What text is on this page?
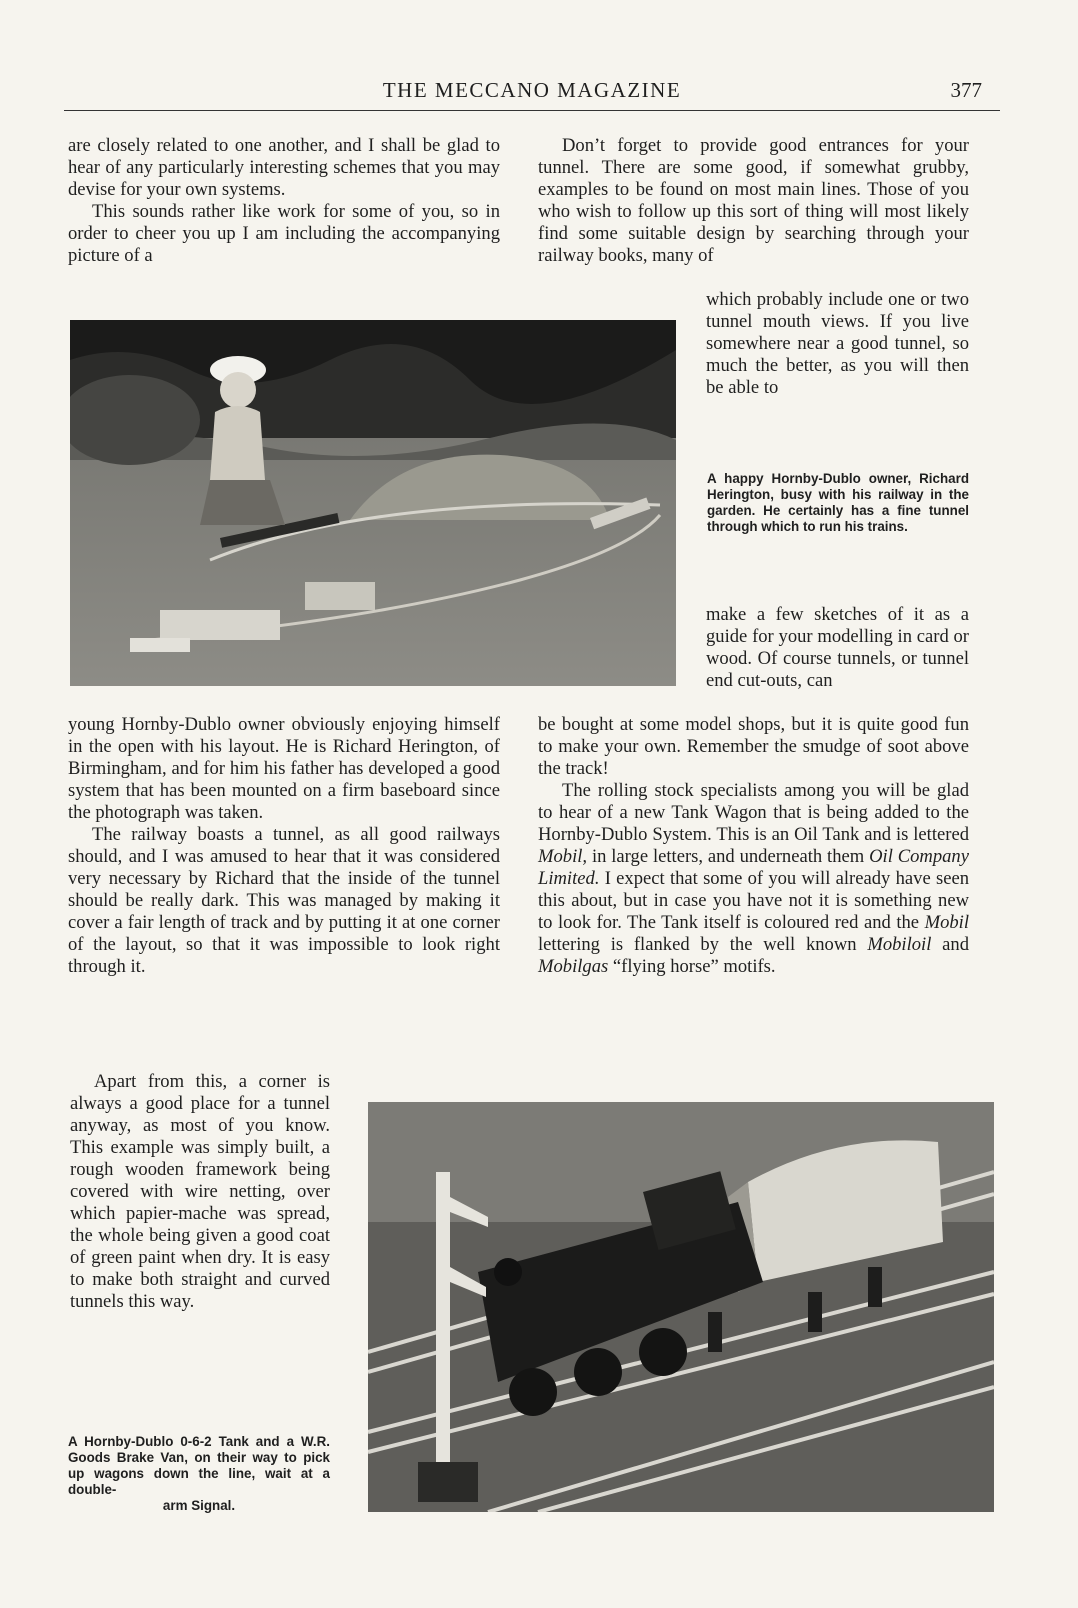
THE MECCANO MAGAZINE	377

are closely related to one another, and I shall be glad to hear of any particularly interesting schemes that you may devise for your own systems.

This sounds rather like work for some of you, so in order to cheer you up I am including the accompanying picture of a

Don’t forget to provide good entrances for your tunnel. There are some good, if somewhat grubby, examples to be found on most main lines. Those of you who wish to follow up this sort of thing will most likely find some suitable design by searching through your railway books, many of

which probably include one or two tunnel mouth views. If you live somewhere near a good tunnel, so much the better, as you will then be able to

A happy Hornby-Dublo owner, Richard Herington, busy with his railway in the garden. He certainly has a fine tunnel through which to run his trains.

make a few sketches of it as a guide for your modelling in card or wood. Of course tunnels, or tunnel end cut-outs, can

young Hornby-Dublo owner obviously enjoying himself in the open with his layout. He is Richard Herington, of Birmingham, and for him his father has developed a good system that has been mounted on a firm baseboard since the photograph was taken.

The railway boasts a tunnel, as all good railways should, and I was amused to hear that it was considered very necessary by Richard that the inside of the tunnel should be really dark. This was managed by making it cover a fair length of track and by putting it at one corner of the layout, so that it was impossible to look right through it.

be bought at some model shops, but it is quite good fun to make your own. Remember the smudge of soot above the track!

The rolling stock specialists among you will be glad to hear of a new Tank Wagon that is being added to the Hornby-Dublo System. This is an Oil Tank and is lettered Mobil, in large letters, and underneath them Oil Company Limited. I expect that some of you will already have seen this about, but in case you have not it is something new to look for. The Tank itself is coloured red and the Mobil lettering is flanked by the well known Mobiloil and Mobilgas “flying horse” motifs.

Apart from this, a corner is always a good place for a tunnel anyway, as most of you know. This example was simply built, a rough wooden framework being covered with wire netting, over which papier-mache was spread, the whole being given a good coat of green paint when dry. It is easy to make both straight and curved tunnels this way.

A Hornby-Dublo 0-6-2 Tank and a W.R. Goods Brake Van, on their way to pick up wagons down the line, wait at a double-
arm Signal.
